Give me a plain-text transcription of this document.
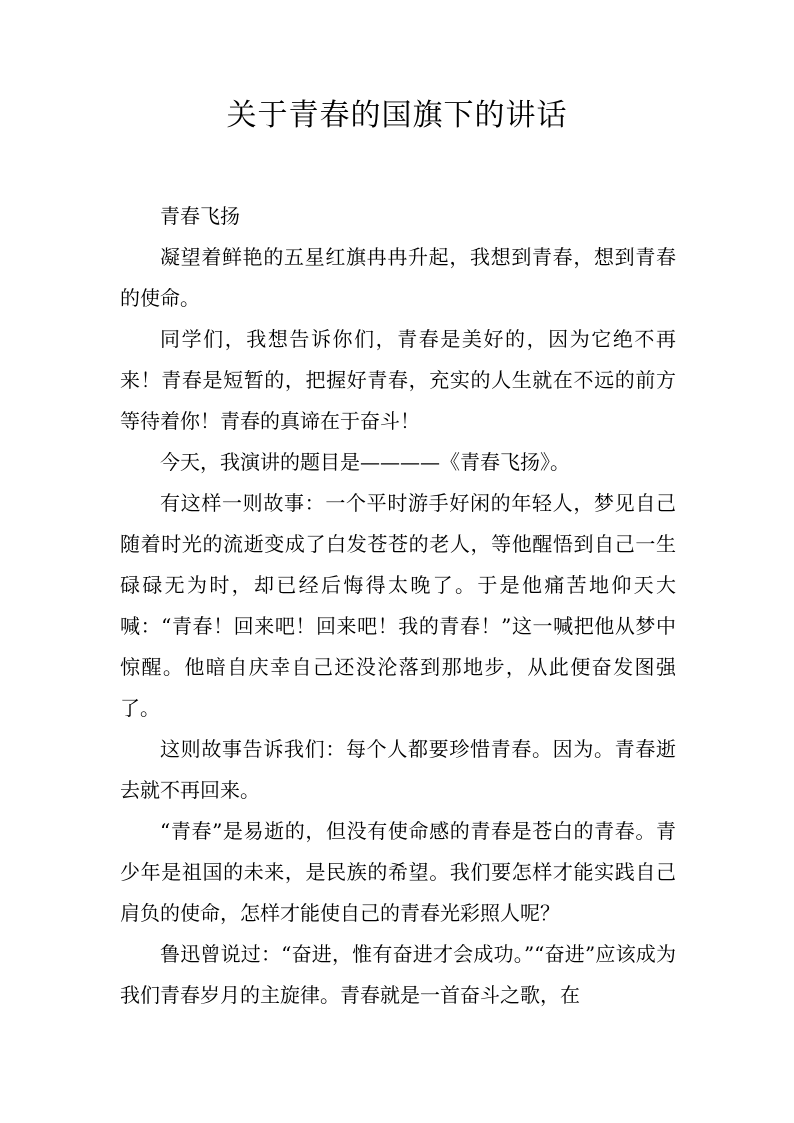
关于青春的国旗下的讲话

青春飞扬

凝望着鲜艳的五星红旗冉冉升起，我想到青春，想到青春的使命。

同学们，我想告诉你们，青春是美好的，因为它绝不再来！青春是短暂的，把握好青春，充实的人生就在不远的前方等待着你！青春的真谛在于奋斗！

今天，我演讲的题目是————《青春飞扬》。

有这样一则故事：一个平时游手好闲的年轻人，梦见自己随着时光的流逝变成了白发苍苍的老人，等他醒悟到自己一生碌碌无为时，却已经后悔得太晚了。于是他痛苦地仰天大喊：“青春！回来吧！回来吧！我的青春！”这一喊把他从梦中惊醒。他暗自庆幸自己还没沦落到那地步，从此便奋发图强了。

这则故事告诉我们：每个人都要珍惜青春。因为。青春逝去就不再回来。

“青春”是易逝的，但没有使命感的青春是苍白的青春。青少年是祖国的未来，是民族的希望。我们要怎样才能实践自己肩负的使命，怎样才能使自己的青春光彩照人呢？

鲁迅曾说过：“奋进，惟有奋进才会成功。”“奋进”应该成为我们青春岁月的主旋律。青春就是一首奋斗之歌，在
